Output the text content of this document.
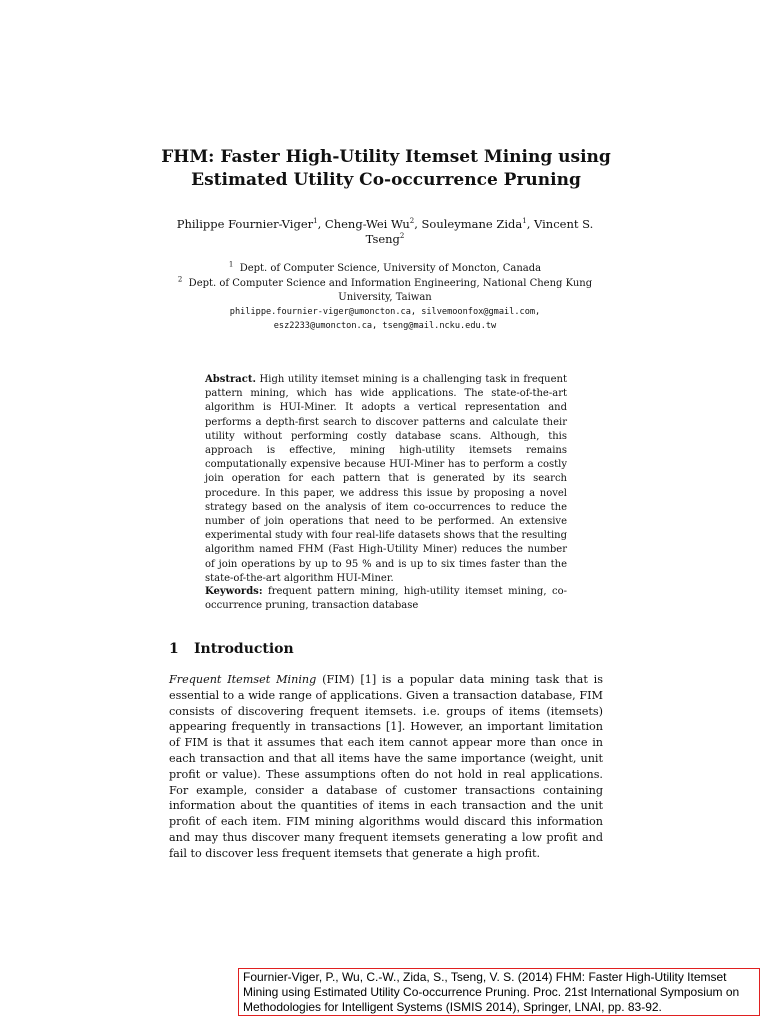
FHM: Faster High-Utility Itemset Mining using
Estimated Utility Co-occurrence Pruning
Philippe Fournier-Viger$^1$, Cheng-Wei Wu$^2$, Souleymane Zida$^1$, Vincent S.
Tseng$^2$
$^1$ Dept. of Computer Science, University of Moncton, Canada
$^2$ Dept. of Computer Science and Information Engineering, National Cheng Kung
University, Taiwan
philippe.fournier-viger@umoncton.ca, silvemoonfox@gmail.com,
esz2233@umoncton.ca, tseng@mail.ncku.edu.tw
Abstract. High utility itemset mining is a challenging task in frequent pattern mining, which has wide applications. The state-of-the-art algorithm is HUI-Miner. It adopts a vertical representation and performs a depth-first search to discover patterns and calculate their utility without performing costly database scans. Although, this approach is effective, mining high-utility itemsets remains computationally expensive because HUI-Miner has to perform a costly join operation for each pattern that is generated by its search procedure. In this paper, we address this issue by proposing a novel strategy based on the analysis of item co-occurrences to reduce the number of join operations that need to be performed. An extensive experimental study with four real-life datasets shows that the resulting algorithm named FHM (Fast High-Utility Miner) reduces the number of join operations by up to 95 % and is up to six times faster than the state-of-the-art algorithm HUI-Miner.
Keywords: frequent pattern mining, high-utility itemset mining, co-occurrence pruning, transaction database
1 Introduction

Frequent Itemset Mining (FIM) [1] is a popular data mining task that is essential to a wide range of applications. Given a transaction database, FIM consists of discovering frequent itemsets. i.e. groups of items (itemsets) appearing frequently in transactions [1]. However, an important limitation of FIM is that it assumes that each item cannot appear more than once in each transaction and that all items have the same importance (weight, unit profit or value). These assumptions often do not hold in real applications. For example, consider a database of customer transactions containing information about the quantities of items in each transaction and the unit profit of each item. FIM mining algorithms would discard this information and may thus discover many frequent itemsets generating a low profit and fail to discover less frequent itemsets that generate a high profit.

Fournier-Viger, P., Wu, C.-W., Zida, S., Tseng, V. S. (2014) FHM: Faster High-Utility Itemset
Mining using Estimated Utility Co-occurrence Pruning. Proc. 21st International Symposium on
Methodologies for Intelligent Systems (ISMIS 2014), Springer, LNAI, pp. 83-92.
